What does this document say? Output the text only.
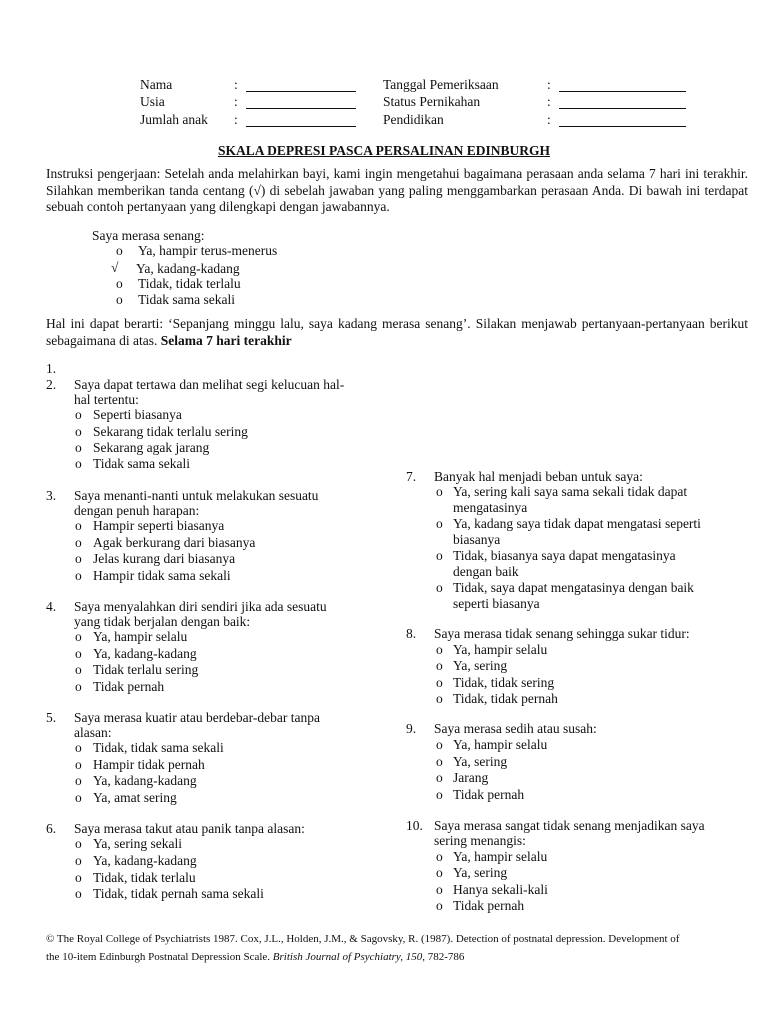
Nama	:	Tanggal Pemeriksaan	:
Usia	:	Status Pernikahan	:
Jumlah anak :	Pendidikan	:
SKALA DEPRESI PASCA PERSALINAN EDINBURGH
Instruksi pengerjaan: Setelah anda melahirkan bayi, kami ingin mengetahui bagaimana perasaan anda selama 7 hari ini terakhir. Silahkan memberikan tanda centang (√) di sebelah jawaban yang paling menggambarkan perasaan Anda. Di bawah ini terdapat sebuah contoh pertanyaan yang dilengkapi dengan jawabannya.
Saya merasa senang:
o Ya, hampir terus-menerus
√ Ya, kadang-kadang
o Tidak, tidak terlalu
o Tidak sama sekali
Hal ini dapat berarti: ‘Sepanjang minggu lalu, saya kadang merasa senang’. Silakan menjawab pertanyaan-pertanyaan berikut sebagaimana di atas. Selama 7 hari terakhir
1.
2. Saya dapat tertawa dan melihat segi kelucuan hal-
hal tertentu:
o Seperti biasanya
o Sekarang tidak terlalu sering
o Sekarang agak jarang
o Tidak sama sekali
3. Saya menanti-nanti untuk melakukan sesuatu
dengan penuh harapan:
o Hampir seperti biasanya
o Agak berkurang dari biasanya
o Jelas kurang dari biasanya
o Hampir tidak sama sekali
4. Saya menyalahkan diri sendiri jika ada sesuatu
yang tidak berjalan dengan baik:
o Ya, hampir selalu
o Ya, kadang-kadang
o Tidak terlalu sering
o Tidak pernah
5. Saya merasa kuatir atau berdebar-debar tanpa
alasan:
o Tidak, tidak sama sekali
o Hampir tidak pernah
o Ya, kadang-kadang
o Ya, amat sering
6. Saya merasa takut atau panik tanpa alasan:
o Ya, sering sekali
o Ya, kadang-kadang
o Tidak, tidak terlalu
o Tidak, tidak pernah sama sekali
7. Banyak hal menjadi beban untuk saya:
o Ya, sering kali saya sama sekali tidak dapat
mengatasinya
o Ya, kadang saya tidak dapat mengatasi seperti
biasanya
o Tidak, biasanya saya dapat mengatasinya
dengan baik
o Tidak, saya dapat mengatasinya dengan baik
seperti biasanya
8. Saya merasa tidak senang sehingga sukar tidur:
o Ya, hampir selalu
o Ya, sering
o Tidak, tidak sering
o Tidak, tidak pernah
9. Saya merasa sedih atau susah:
o Ya, hampir selalu
o Ya, sering
o Jarang
o Tidak pernah
10. Saya merasa sangat tidak senang menjadikan saya
sering menangis:
o Ya, hampir selalu
o Ya, sering
o Hanya sekali-kali
o Tidak pernah
© The Royal College of Psychiatrists 1987. Cox, J.L., Holden, J.M., & Sagovsky, R. (1987). Detection of postnatal depression. Development of
the 10-item Edinburgh Postnatal Depression Scale. British Journal of Psychiatry, 150, 782-786
